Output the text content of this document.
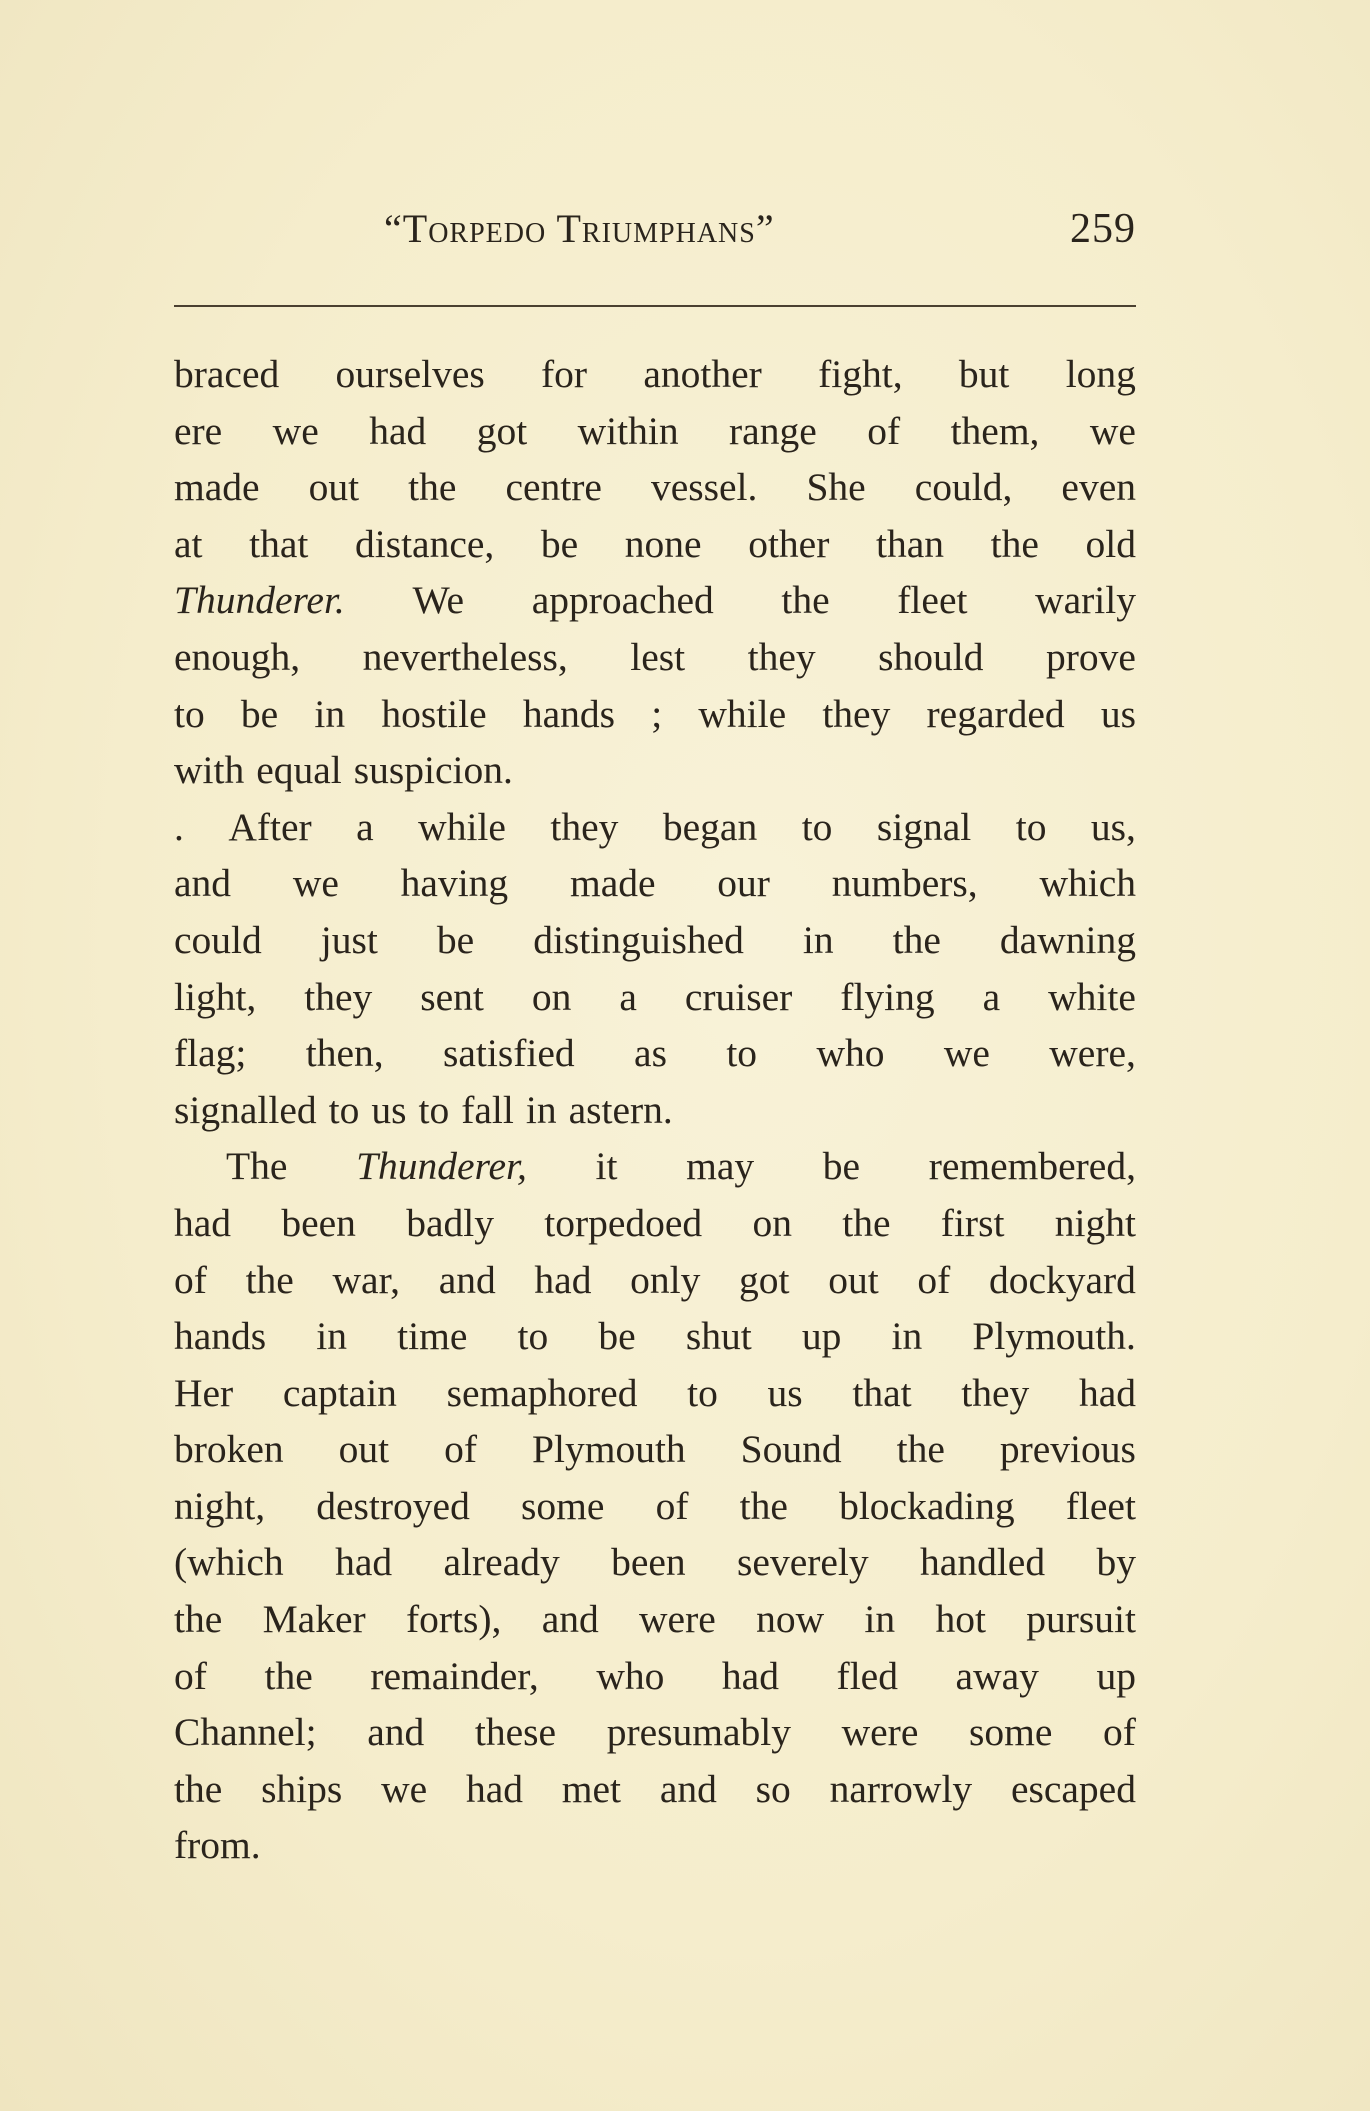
“Torpedo Triumphans”	259
braced ourselves for another fight, but long
ere we had got within range of them, we
made out the centre vessel. She could, even
at that distance, be none other than the old
Thunderer. We approached the fleet warily
enough, nevertheless, lest they should prove
to be in hostile hands ; while they regarded us
with equal suspicion.
. After a while they began to signal to us,
and we having made our numbers, which
could just be distinguished in the dawning
light, they sent on a cruiser flying a white
flag; then, satisfied as to who we were,
signalled to us to fall in astern.
The Thunderer, it may be remembered,
had been badly torpedoed on the first night
of the war, and had only got out of dockyard
hands in time to be shut up in Plymouth.
Her captain semaphored to us that they had
broken out of Plymouth Sound the previous
night, destroyed some of the blockading fleet
(which had already been severely handled by
the Maker forts), and were now in hot pursuit
of the remainder, who had fled away up
Channel; and these presumably were some of
the ships we had met and so narrowly escaped
from.
